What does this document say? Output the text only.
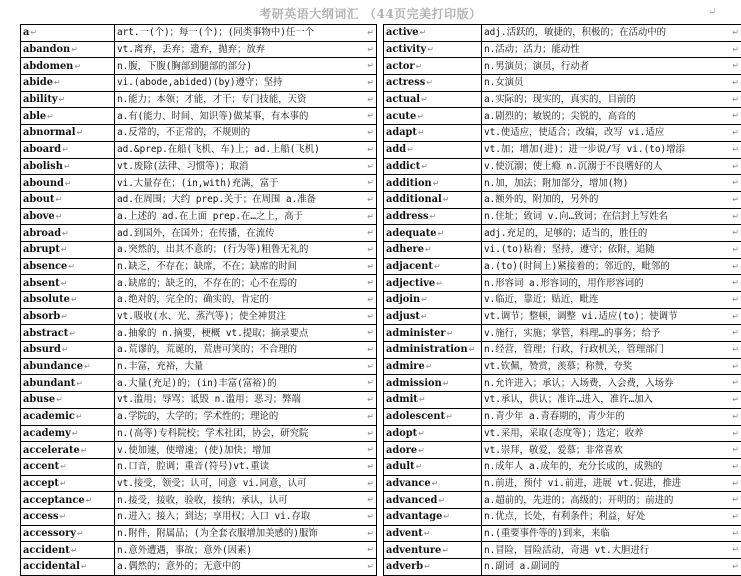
考研英语大纲词汇 （44页完美打印版）	↵
a↵	art.一(个)；每一(个)；(同类事物中)任一个 ↵

abandon↵	vt.离弃，丢弃；遗弃，抛弃；放弃 ↵

abdomen↵	n.腹，下腹(胸部到腿部的部分) ↵

abide↵	vi.(abode,abided)(by)遵守；坚持 ↵

ability↵	n.能力；本领；才能，才干；专门技能，天资 ↵

able↵	a.有(能力、时间、知识等)做某事，有本事的 ↵

abnormal↵	a.反常的，不正常的，不规则的 ↵

aboard↵	ad.&prep.在船(飞机、车)上；ad.上船(飞机) ↵

abolish↵	vt.废除(法律、习惯等)；取消 ↵

abound↵	vi.大量存在；(in,with)充满，富于 ↵

about↵	ad.在周围；大约 prep.关于；在周围 a.准备 ↵

above↵	a.上述的 ad.在上面 prep.在…之上，高于 ↵

abroad↵	ad.到国外，在国外；在传播，在流传 ↵

abrupt↵	a.突然的，出其不意的；(行为等)粗鲁无礼的 ↵

absence↵	n.缺乏，不存在；缺席，不在；缺席的时间 ↵

absent↵	a.缺席的；缺乏的，不存在的；心不在焉的 ↵

absolute↵	a.绝对的，完全的；确实的，肯定的 ↵

absorb↵	vt.吸收(水、光、蒸汽等)；使全神贯注 ↵

abstract↵	a.抽象的 n.摘要，梗概 vt.提取；摘录要点 ↵

absurd↵	a.荒谬的，荒诞的，荒唐可笑的；不合理的 ↵

abundance↵	n.丰富，充裕，大量 ↵

abundant↵	a.大量(充足)的；(in)丰富(富裕)的 ↵

abuse↵	vt.滥用；辱骂；诋毁 n.滥用；恶习；弊端 ↵

academic↵	a.学院的，大学的；学术性的；理论的 ↵

academy↵	n.(高等)专科院校；学术社团，协会，研究院 ↵

accelerate↵	v.使加速，使增速；(使)加快；增加 ↵

accent↵	n.口音，腔调；重音(符号)vt.重读 ↵

accept↵	vt.接受，领受；认可，同意 vi.同意，认可 ↵

acceptance↵	n.接受，接收，验收，接纳；承认，认可 ↵

access↵	n.进入；接入；到达；享用权；入口 vi.存取 ↵

accessory↵	n.附件，附属品；(为全套衣服增加美感的)服饰 ↵

accident↵	n.意外遭遇，事故；意外(因素) ↵

accidental↵	a.偶然的；意外的；无意中的 ↵
active↵	adj.活跃的，敏捷的，积极的；在活动中的 ↵

activity↵	n.活动；活力；能动性 ↵

actor↵	n.男演员；演员，行动者 ↵

actress↵	n.女演员 ↵

actual↵	a.实际的；现实的，真实的，目前的 ↵

acute↵	a.剧烈的；敏锐的；尖锐的，高音的 ↵

adapt↵	vt.使适应，使适合；改编，改写 vi.适应 ↵

add↵	vt.加；增加(进)；进一步说/写 vi.(to)增添 ↵

addict↵	v.使沉溺；使上瘾 n.沉溺于不良嗜好的人 ↵

addition↵	n.加，加法；附加部分，增加(物) ↵

additional↵	a.额外的，附加的，另外的 ↵

address↵	n.住址；致词 v.向…致词；在信封上写姓名 ↵

adequate↵	adj.充足的，足够的；适当的，胜任的 ↵

adhere↵	vi.(to)粘着；坚持，遵守；依附，追随 ↵

adjacent↵	a.(to)(时间上)紧接着的；邻近的，毗邻的 ↵

adjective↵	n.形容词 a.形容词的，用作形容词的 ↵

adjoin↵	v.临近，靠近；贴近，毗连 ↵

adjust↵	vt.调节；整顿，调整 vi.适应(to)；使调节 ↵

administer↵	v.施行，实施；掌管，料理…的事务；给予 ↵

administration↵	n.经营，管理；行政，行政机关，管理部门 ↵

admire↵	vt.钦佩，赞赏，羡慕；称赞，夸奖 ↵

admission↵	n.允许进入；承认；入场费，入会费，入场券 ↵

admit↵	vt.承认，供认；准许…进入，准许…加入 ↵

adolescent↵	n.青少年 a.青春期的，青少年的 ↵

adopt↵	vt.采用，采取(态度等)；选定；收养 ↵

adore↵	vt.崇拜，敬爱，爱慕；非常喜欢 ↵

adult↵	n.成年人 a.成年的，充分长成的，成熟的 ↵

advance↵	n.前进，预付 vi.前进，进展 vt.促进，推进 ↵

advanced↵	a.超前的，先进的；高级的；开明的；前进的 ↵

advantage↵	n.优点，长处，有利条件；利益，好处 ↵

advent↵	n.(重要事件等的)到来，来临 ↵

adventure↵	n.冒险，冒险活动，奇遇 vt.大胆进行 ↵

adverb↵	n.副词 a.副词的 ↵
